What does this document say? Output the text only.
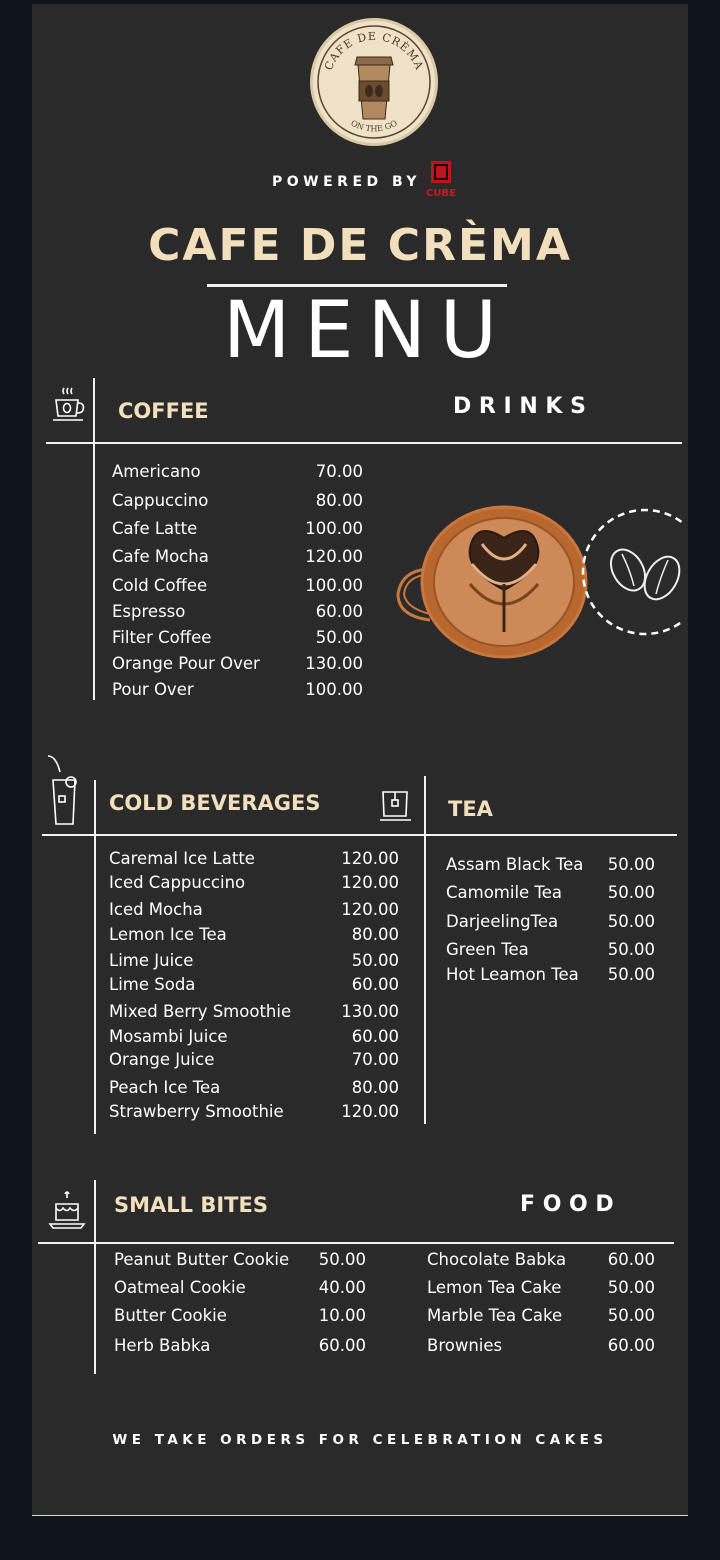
CAFE DE CRÈMA
ON THE GO
POWERED BY
CUBE
CAFE DE CRÈMA
MENU
COFFEE	D R I N K S
Americano	70.00
Cappuccino	80.00
Cafe Latte	100.00
Cafe Mocha	120.00
Cold Coffee	100.00
Espresso	60.00
Filter Coffee	50.00
Orange Pour Over	130.00
Pour Over	100.00
COLD BEVERAGES	TEA
Caremal Ice Latte	120.00
Iced Cappuccino	120.00
Iced Mocha	120.00
Lemon Ice Tea	80.00
Lime Juice	50.00
Lime Soda	60.00
Mixed Berry Smoothie	130.00
Mosambi Juice	60.00
Orange Juice	70.00
Peach Ice Tea	80.00
Strawberry Smoothie	120.00
Assam Black Tea 50.00
Camomile Tea	50.00
DarjeelingTea	50.00
Green Tea	50.00
Hot Leamon Tea 50.00
SMALL BITES	F O O D
Peanut Butter Cookie 50.00
Oatmeal Cookie	40.00
Butter Cookie	10.00
Herb Babka	60.00
Chocolate Babka	60.00
Lemon Tea Cake	50.00
Marble Tea Cake	50.00
Brownies	60.00
WE TAKE ORDERS FOR CELEBRATION CAKES
